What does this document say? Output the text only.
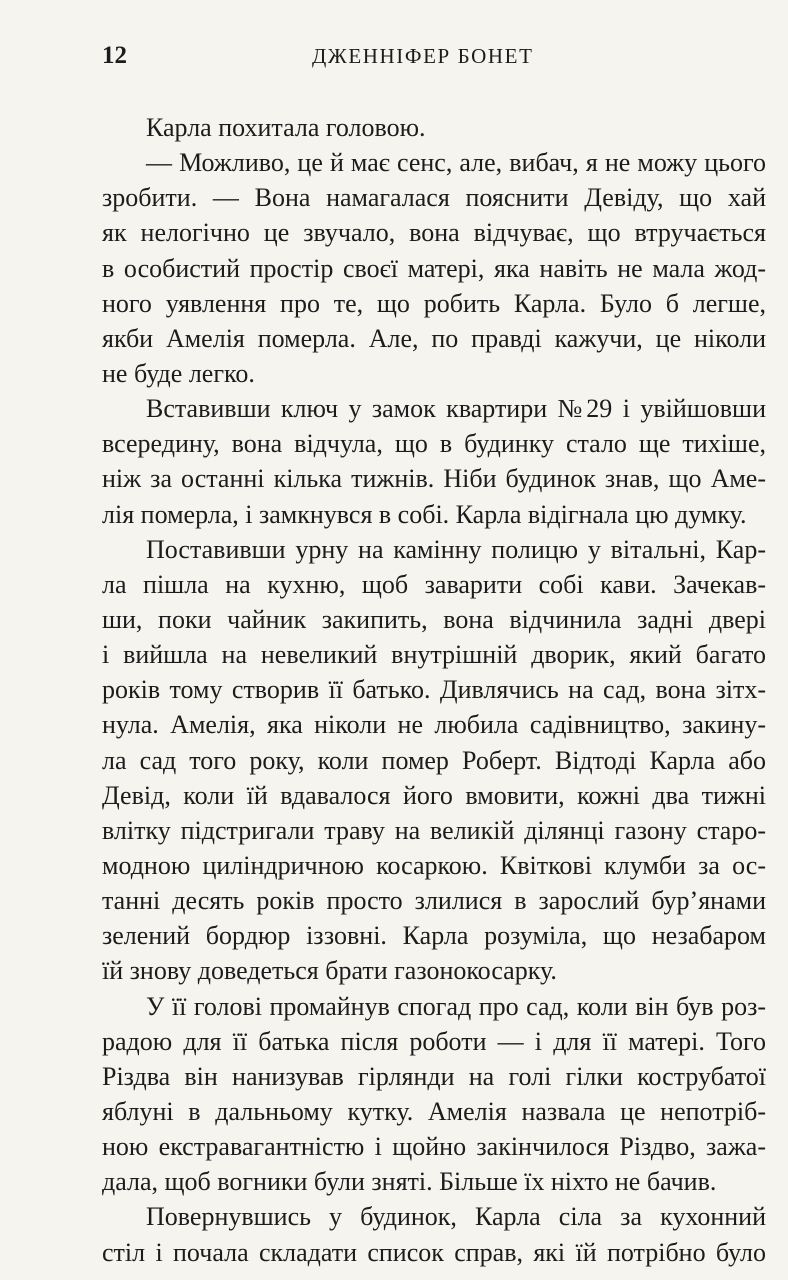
12	ДЖЕННІФЕР БОНЕТ
Карла похитала головою.
— Можливо, це й має сенс, але, вибач, я не можу цього
зробити. — Вона намагалася пояснити Девіду, що хай
як нелогічно це звучало, вона відчуває, що втручається
в особистий простір своєї матері, яка навіть не мала жод-
ного уявлення про те, що робить Карла. Було б легше,
якби Амелія померла. Але, по правді кажучи, це ніколи
не буде легко.
Вставивши ключ у замок квартири №29 і увійшовши
всередину, вона відчула, що в будинку стало ще тихіше,
ніж за останні кілька тижнів. Ніби будинок знав, що Аме-
лія померла, і замкнувся в собі. Карла відігнала цю думку.
Поставивши урну на камінну полицю у вітальні, Кар-
ла пішла на кухню, щоб заварити собі кави. Зачекав-
ши, поки чайник закипить, вона відчинила задні двері
і вийшла на невеликий внутрішній дворик, який багато
років тому створив її батько. Дивлячись на сад, вона зітх-
нула. Амелія, яка ніколи не любила садівництво, закину-
ла сад того року, коли помер Роберт. Відтоді Карла або
Девід, коли їй вдавалося його вмовити, кожні два тижні
влітку підстригали траву на великій ділянці газону старо-
модною циліндричною косаркою. Квіткові клумби за ос-
танні десять років просто злилися в зарослий бур’янами
зелений бордюр іззовні. Карла розуміла, що незабаром
їй знову доведеться брати газонокосарку.
У її голові промайнув спогад про сад, коли він був роз-
радою для її батька після роботи — і для її матері. Того
Різдва він нанизував гірлянди на голі гілки кострубатої
яблуні в дальньому кутку. Амелія назвала це непотріб-
ною екстравагантністю і щойно закінчилося Різдво, зажа-
дала, щоб вогники були зняті. Більше їх ніхто не бачив.
Повернувшись у будинок, Карла сіла за кухонний
стіл і почала складати список справ, які їй потрібно було
